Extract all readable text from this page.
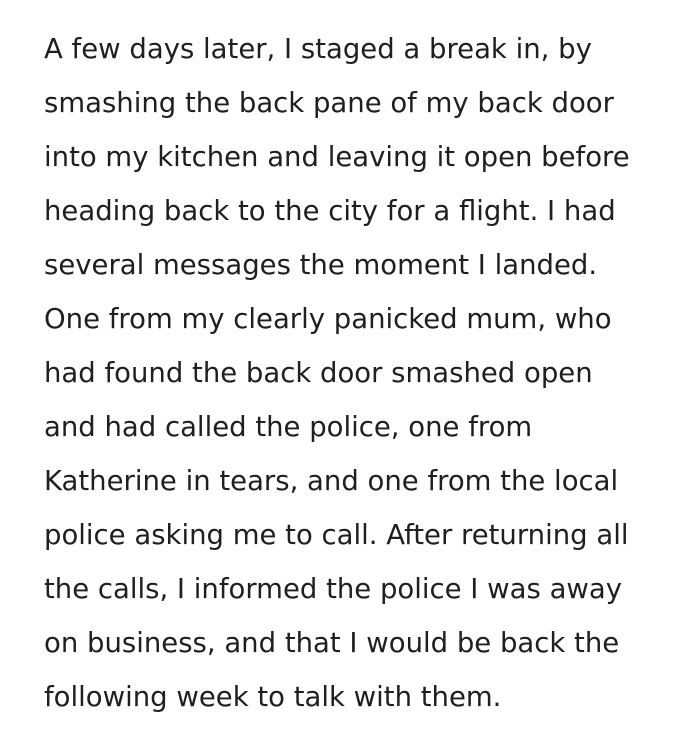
A few days later, I staged a break in, by
smashing the back pane of my back door
into my kitchen and leaving it open before
heading back to the city for a flight. I had
several messages the moment I landed.
One from my clearly panicked mum, who
had found the back door smashed open
and had called the police, one from
Katherine in tears, and one from the local
police asking me to call. After returning all
the calls, I informed the police I was away
on business, and that I would be back the
following week to talk with them.
